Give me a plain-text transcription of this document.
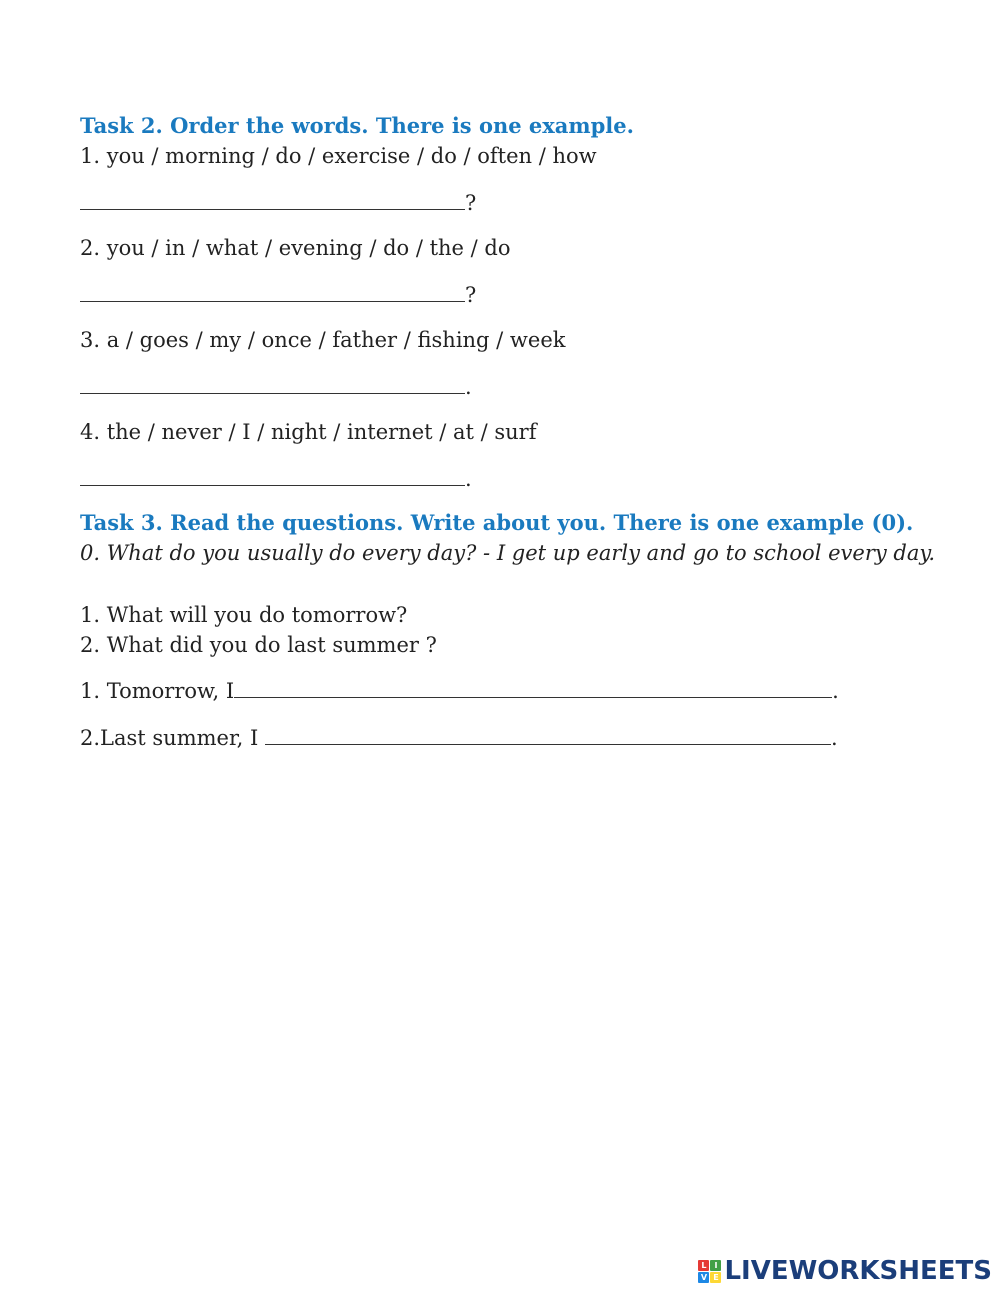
Task 2. Order the words. There is one example.
1. you / morning / do / exercise / do / often / how
?
2. you / in / what / evening / do / the / do
?
3. a / goes / my / once / father / fishing / week
.
4. the / never / I / night / internet / at / surf
.
Task 3. Read the questions. Write about you. There is one example (0).
0. What do you usually do every day? - I get up early and go to school every day.
1. What will you do tomorrow?
2. What did you do last summer ?
1. Tomorrow, I	.
2.Last summer, I	.
L I
V E LIVEWORKSHEETS
